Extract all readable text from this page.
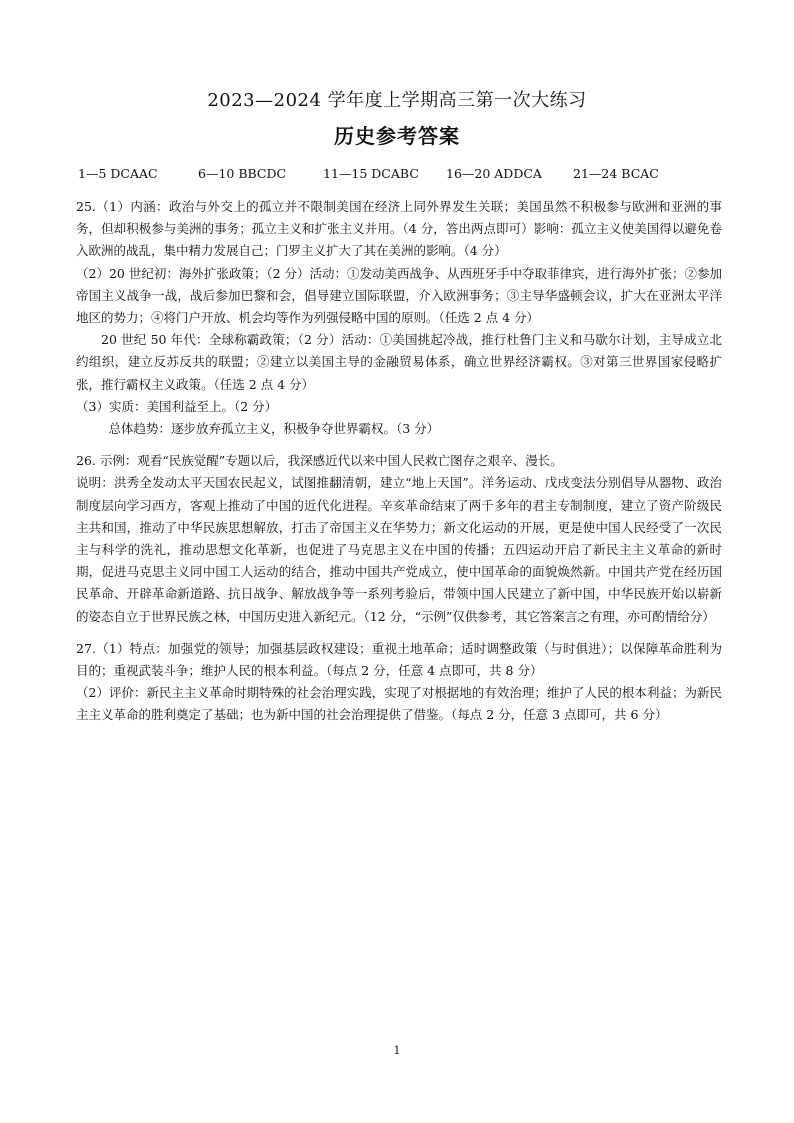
2023—2024 学年度上学期高三第一次大练习
历史参考答案
1—5 DCAAC	6—10 BBCDC	11—15 DCABC 16—20 ADDCA 21—24 BCAC

25.（1）内涵：政治与外交上的孤立并不限制美国在经济上同外界发生关联；美国虽然不积极参与欧洲和亚洲的事务，但却积极参与美洲的事务；孤立主义和扩张主义并用。（4 分，答出两点即可）影响：孤立主义使美国得以避免卷入欧洲的战乱，集中精力发展自己；门罗主义扩大了其在美洲的影响。（4 分）

（2）20 世纪初：海外扩张政策；（2 分）活动：①发动美西战争、从西班牙手中夺取菲律宾，进行海外扩张；②参加帝国主义战争一战，战后参加巴黎和会，倡导建立国际联盟，介入欧洲事务；③主导华盛顿会议，扩大在亚洲太平洋地区的势力；④将门户开放、机会均等作为列强侵略中国的原则。（任选 2 点 4 分）

20 世纪 50 年代：全球称霸政策；（2 分）活动：①美国挑起冷战，推行杜鲁门主义和马歇尔计划，主导成立北约组织，建立反苏反共的联盟；②建立以美国主导的金融贸易体系，确立世界经济霸权。③对第三世界国家侵略扩张，推行霸权主义政策。（任选 2 点 4 分）

（3）实质：美国利益至上。（2 分）

总体趋势：逐步放弃孤立主义，积极争夺世界霸权。（3 分）

26. 示例：观看“民族觉醒”专题以后，我深感近代以来中国人民救亡图存之艰辛、漫长。

说明：洪秀全发动太平天国农民起义，试图推翻清朝，建立“地上天国”。洋务运动、戊戌变法分别倡导从器物、政治制度层向学习西方，客观上推动了中国的近代化进程。辛亥革命结束了两千多年的君主专制制度，建立了资产阶级民主共和国，推动了中华民族思想解放，打击了帝国主义在华势力；新文化运动的开展，更是使中国人民经受了一次民主与科学的洗礼，推动思想文化革新，也促进了马克思主义在中国的传播；五四运动开启了新民主主义革命的新时期，促进马克思主义同中国工人运动的结合，推动中国共产党成立，使中国革命的面貌焕然新。中国共产党在经历国民革命、开辟革命新道路、抗日战争、解放战争等一系列考验后，带领中国人民建立了新中国，中华民族开始以崭新的姿态自立于世界民族之林，中国历史进入新纪元。（12 分，“示例”仅供参考，其它答案言之有理，亦可酌情给分）

27.（1）特点：加强党的领导；加强基层政权建设；重视土地革命；适时调整政策（与时俱进）；以保障革命胜利为目的；重视武装斗争；维护人民的根本利益。（每点 2 分，任意 4 点即可，共 8 分）

（2）评价：新民主主义革命时期特殊的社会治理实践，实现了对根据地的有效治理；维护了人民的根本利益；为新民主主义革命的胜利奠定了基础；也为新中国的社会治理提供了借鉴。（每点 2 分，任意 3 点即可，共 6 分）

1
